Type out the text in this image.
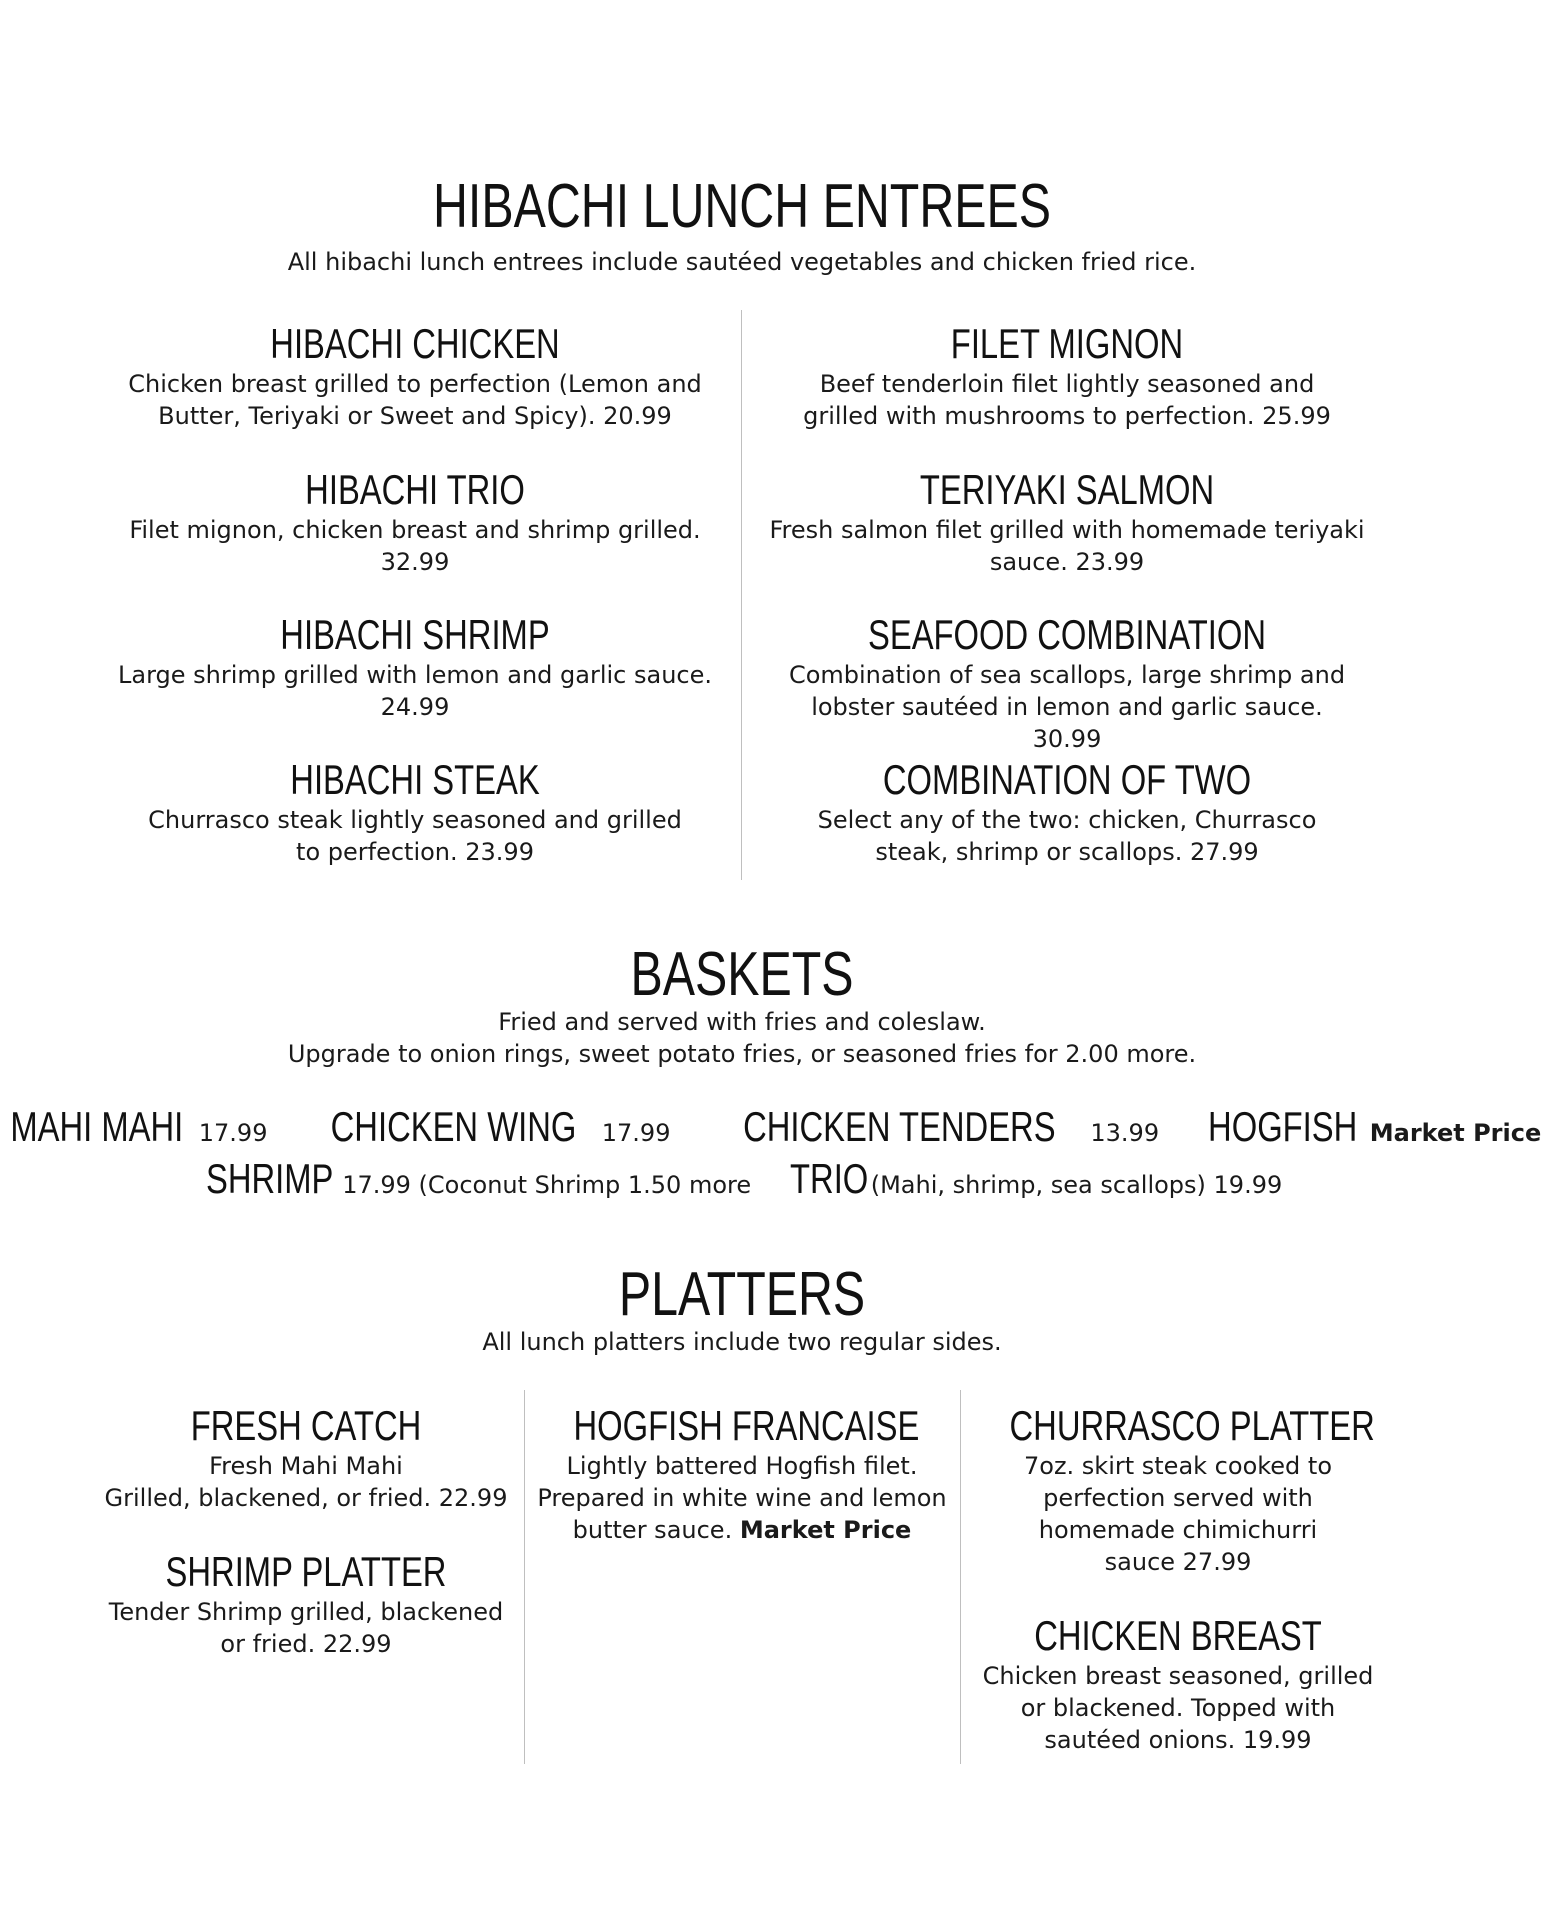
HIBACHI LUNCH ENTREES
All hibachi lunch entrees include sautéed vegetables and chicken fried rice.
HIBACHI CHICKEN
Chicken breast grilled to perfection (Lemon and Butter, Teriyaki or Sweet and Spicy). 20.99
HIBACHI TRIO
Filet mignon, chicken breast and shrimp grilled. 32.99
HIBACHI SHRIMP
Large shrimp grilled with lemon and garlic sauce. 24.99
HIBACHI STEAK
Churrasco steak lightly seasoned and grilled to perfection. 23.99
FILET MIGNON
Beef tenderloin filet lightly seasoned and grilled with mushrooms to perfection. 25.99
TERIYAKI SALMON
Fresh salmon filet grilled with homemade teriyaki sauce. 23.99
SEAFOOD COMBINATION
Combination of sea scallops, large shrimp and lobster sautéed in lemon and garlic sauce. 30.99
COMBINATION OF TWO
Select any of the two: chicken, Churrasco steak, shrimp or scallops. 27.99
BASKETS
Fried and served with fries and coleslaw.
Upgrade to onion rings, sweet potato fries, or seasoned fries for 2.00 more.
MAHI MAHI 17.99 CHICKEN WING 17.99 CHICKEN TENDERS 13.99 HOGFISH Market Price
SHRIMP 17.99 (Coconut Shrimp 1.50 more TRIO (Mahi, shrimp, sea scallops) 19.99
PLATTERS
All lunch platters include two regular sides.
FRESH CATCH
Fresh Mahi Mahi
Grilled, blackened, or fried. 22.99
SHRIMP PLATTER
Tender Shrimp grilled, blackened or fried. 22.99
HOGFISH FRANCAISE
Lightly battered Hogfish filet. Prepared in white wine and lemon butter sauce. Market Price
CHURRASCO PLATTER
7oz. skirt steak cooked to perfection served with homemade chimichurri sauce 27.99
CHICKEN BREAST
Chicken breast seasoned, grilled or blackened. Topped with sautéed onions. 19.99
